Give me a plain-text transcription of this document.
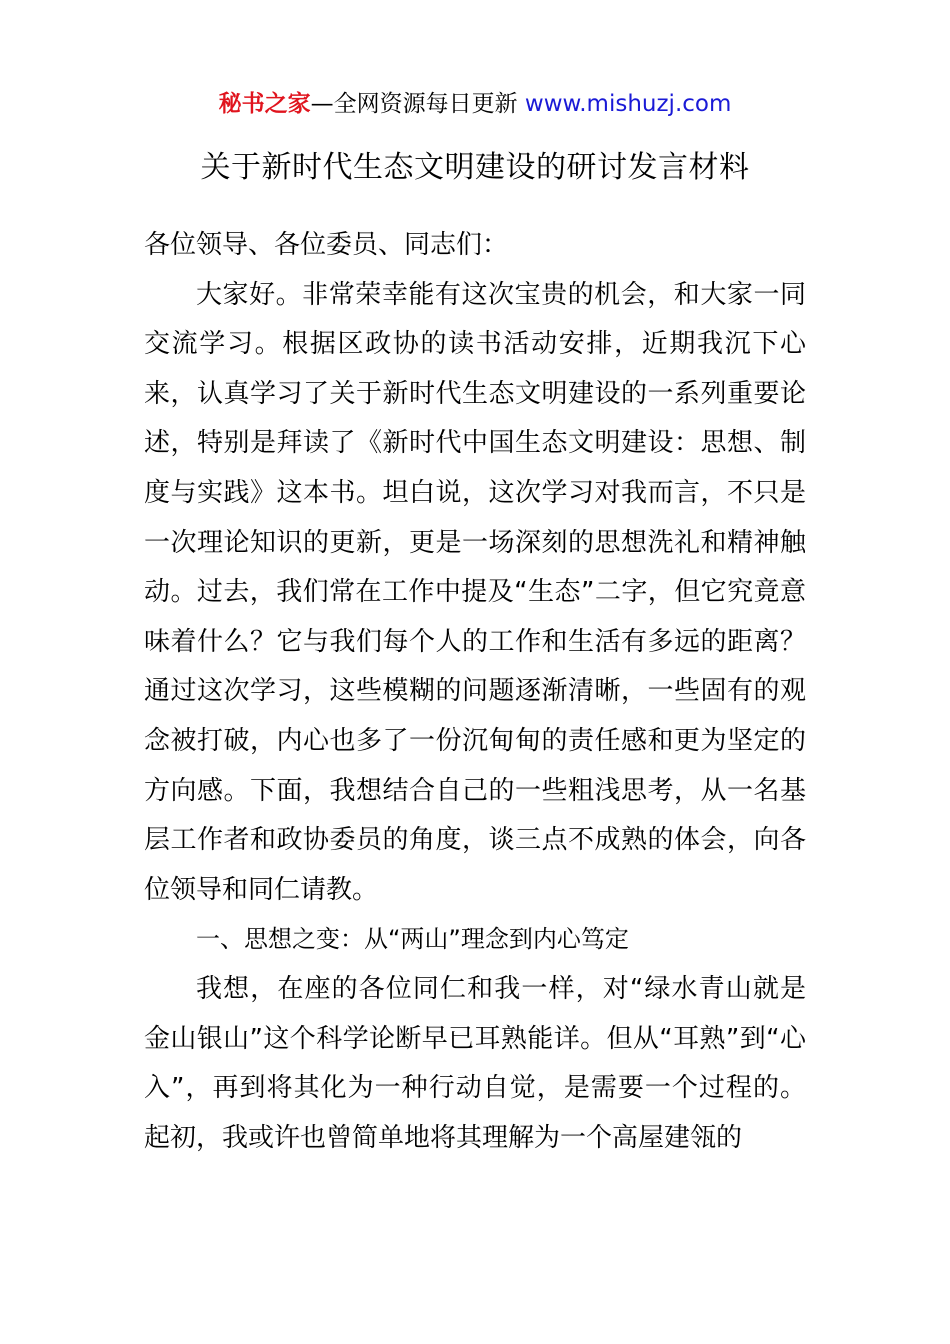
秘书之家—全网资源每日更新 www.mishuzj.com
关于新时代生态文明建设的研讨发言材料

各位领导、各位委员、同志们：

大家好。非常荣幸能有这次宝贵的机会，和大家一同交流学习。根据区政协的读书活动安排，近期我沉下心来，认真学习了关于新时代生态文明建设的一系列重要论述，特别是拜读了《新时代中国生态文明建设：思想、制度与实践》这本书。坦白说，这次学习对我而言，不只是一次理论知识的更新，更是一场深刻的思想洗礼和精神触动。过去，我们常在工作中提及“生态”二字，但它究竟意味着什么？它与我们每个人的工作和生活有多远的距离？通过这次学习，这些模糊的问题逐渐清晰，一些固有的观念被打破，内心也多了一份沉甸甸的责任感和更为坚定的方向感。下面，我想结合自己的一些粗浅思考，从一名基层工作者和政协委员的角度，谈三点不成熟的体会，向各位领导和同仁请教。

一、思想之变：从“两山”理念到内心笃定

我想，在座的各位同仁和我一样，对“绿水青山就是金山银山”这个科学论断早已耳熟能详。但从“耳熟”到“心入”，再到将其化为一种行动自觉，是需要一个过程的。起初，我或许也曾简单地将其理解为一个高屋建瓴的
